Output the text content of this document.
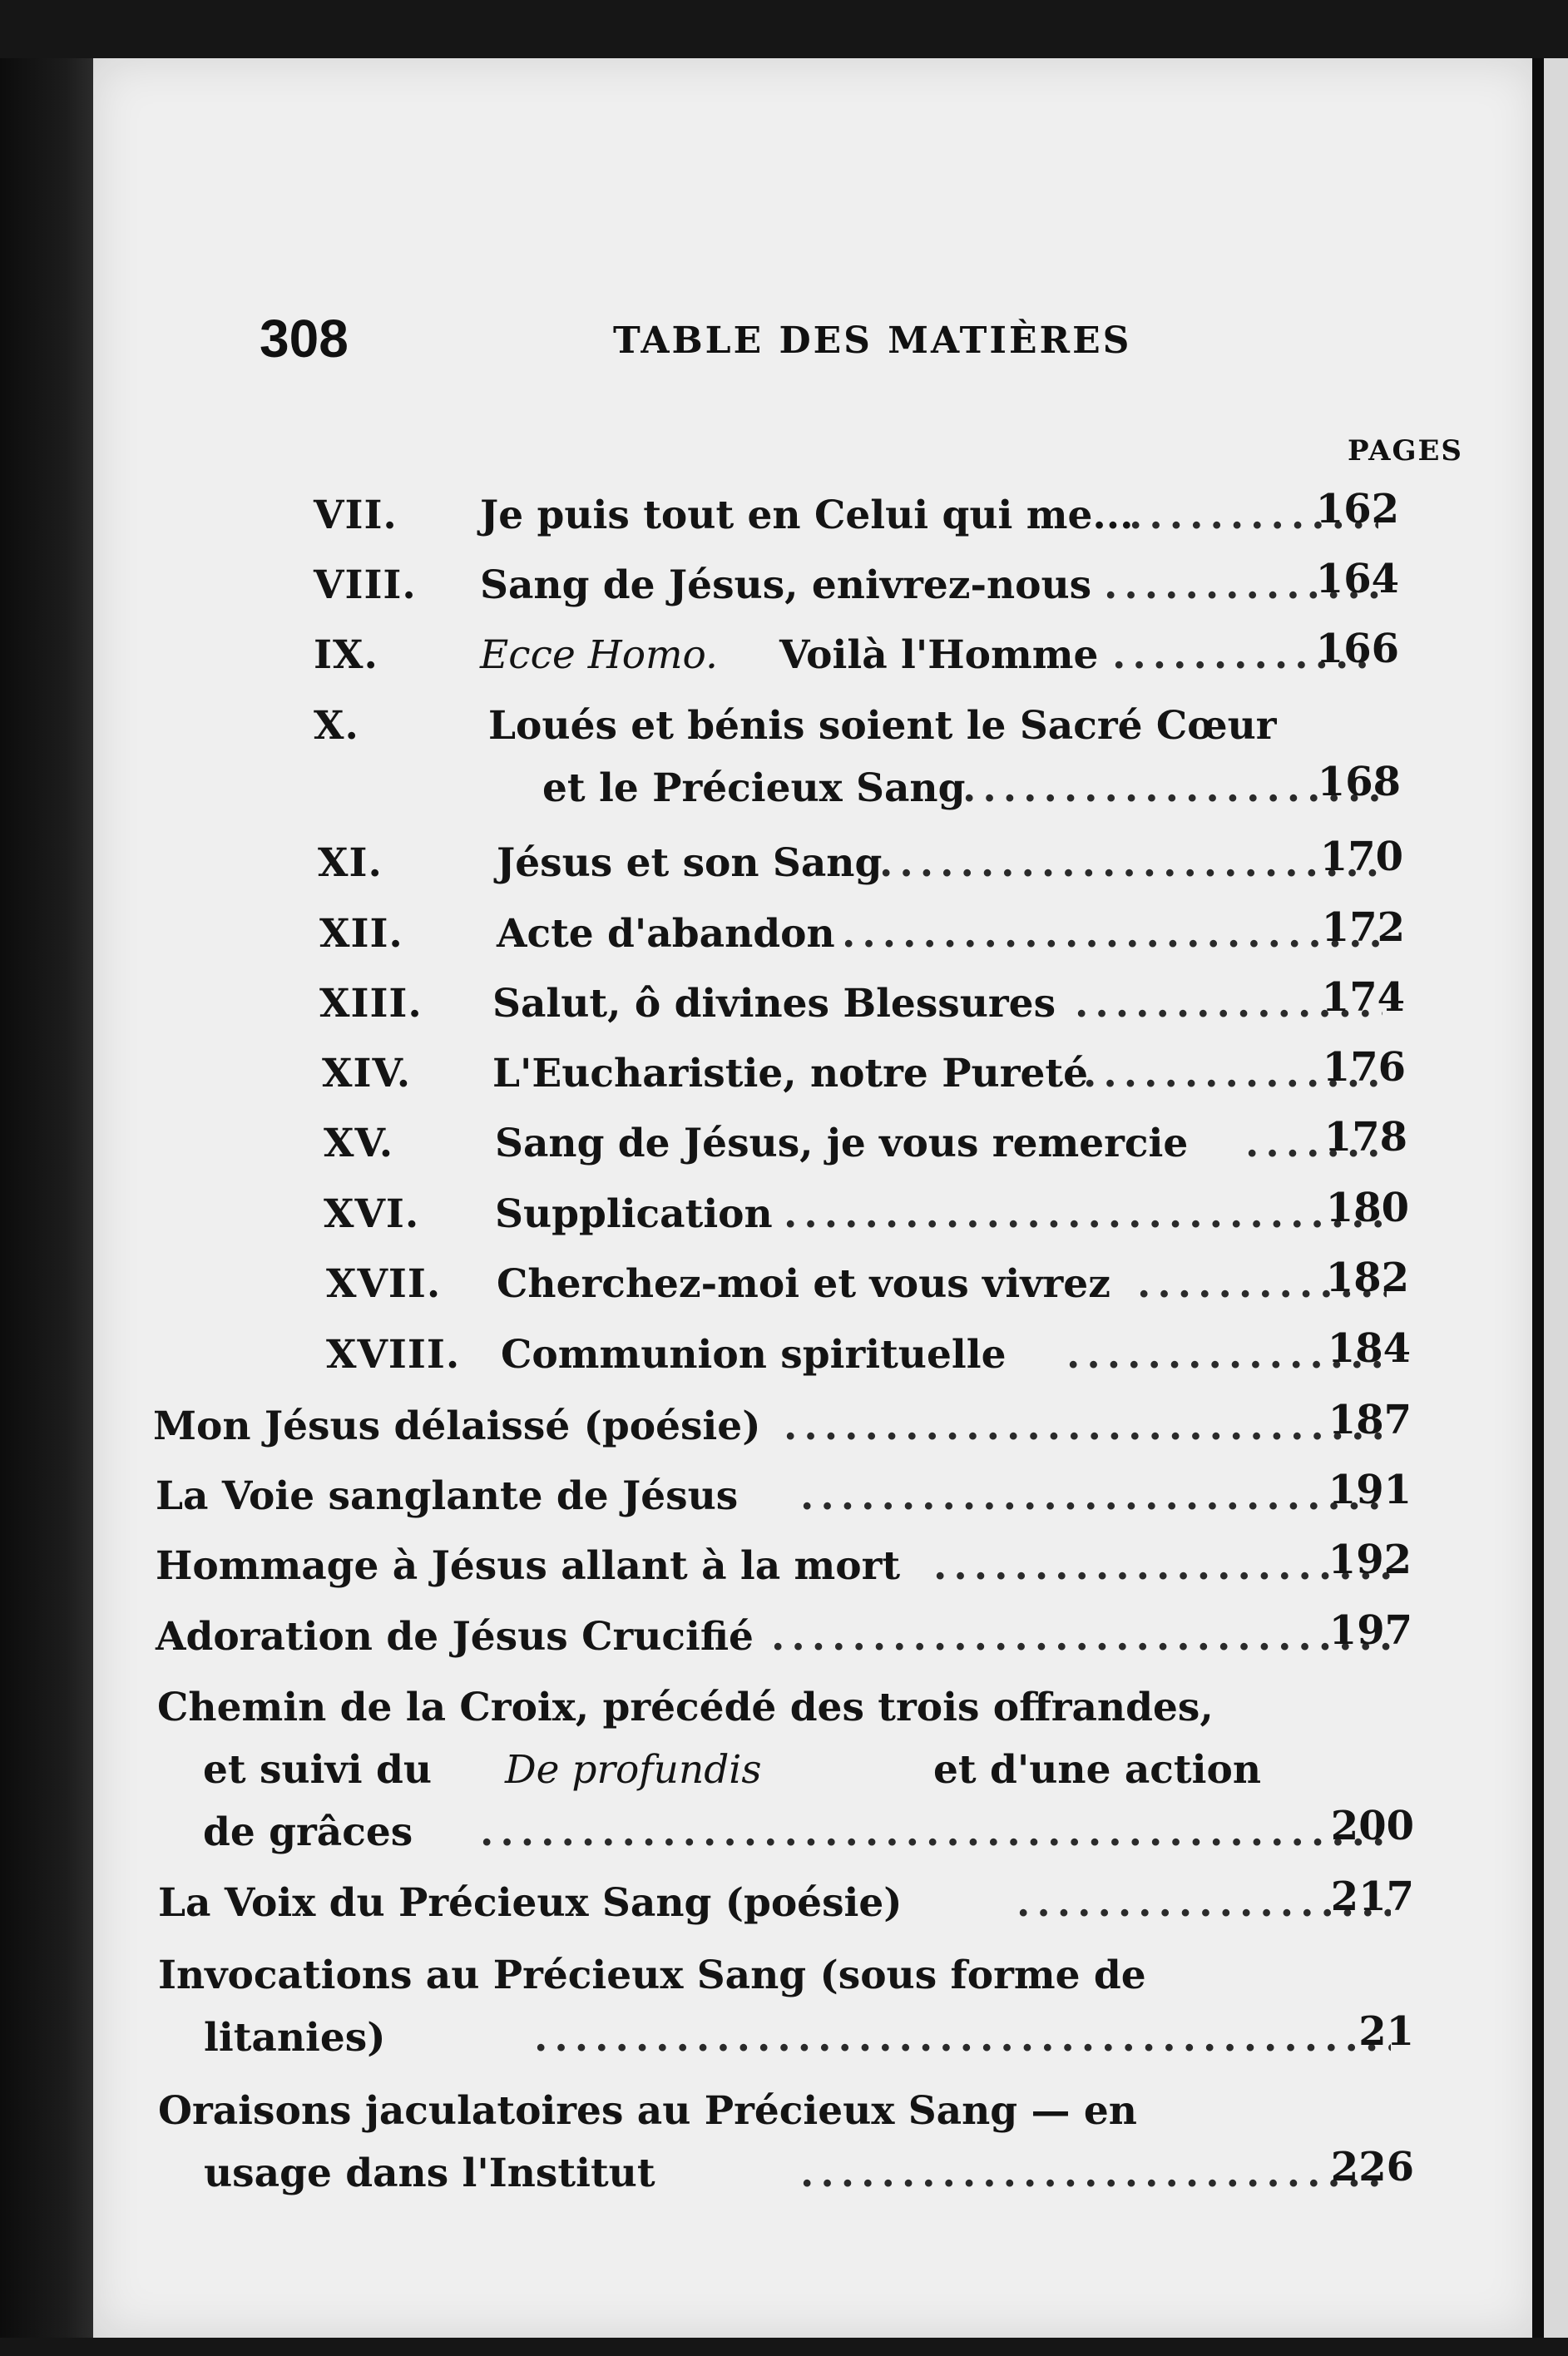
308	TABLE DES MATIÈRES
PAGES
VII. Je puis tout en Celui qui me... .....	162
VIII. Sang de Jésus, enivrez-nous .....	164
IX.	Ecce Homo. Voilà l'Homme .....	166
X.	Loués et bénis soient le Sacré Cœur
et le Précieux Sang .....	168
XI.	Jésus et son Sang .....	170
XII. Acte d'abandon .....	172
XIII. Salut, ô divines Blessures .....	174
XIV. L'Eucharistie, notre Pureté .....	176
XV.	Sang de Jésus, je vous remercie .....	178
XVI. Supplication .....	180
XVII. Cherchez-moi et vous vivrez .....	182
XVIII. Communion spirituelle .....	184
Mon Jésus délaissé (poésie) .....	187
La Voie sanglante de Jésus .....	191
Hommage à Jésus allant à la mort .....	192
Adoration de Jésus Crucifié .....	197
Chemin de la Croix, précédé des trois offrandes,
et suivi du De profundis	et d'une action
de grâces .....	200
La Voix du Précieux Sang (poésie) .....	217
Invocations au Précieux Sang (sous forme de
litanies) .....	21
Oraisons jaculatoires au Précieux Sang — en
usage dans l'Institut .....	226
